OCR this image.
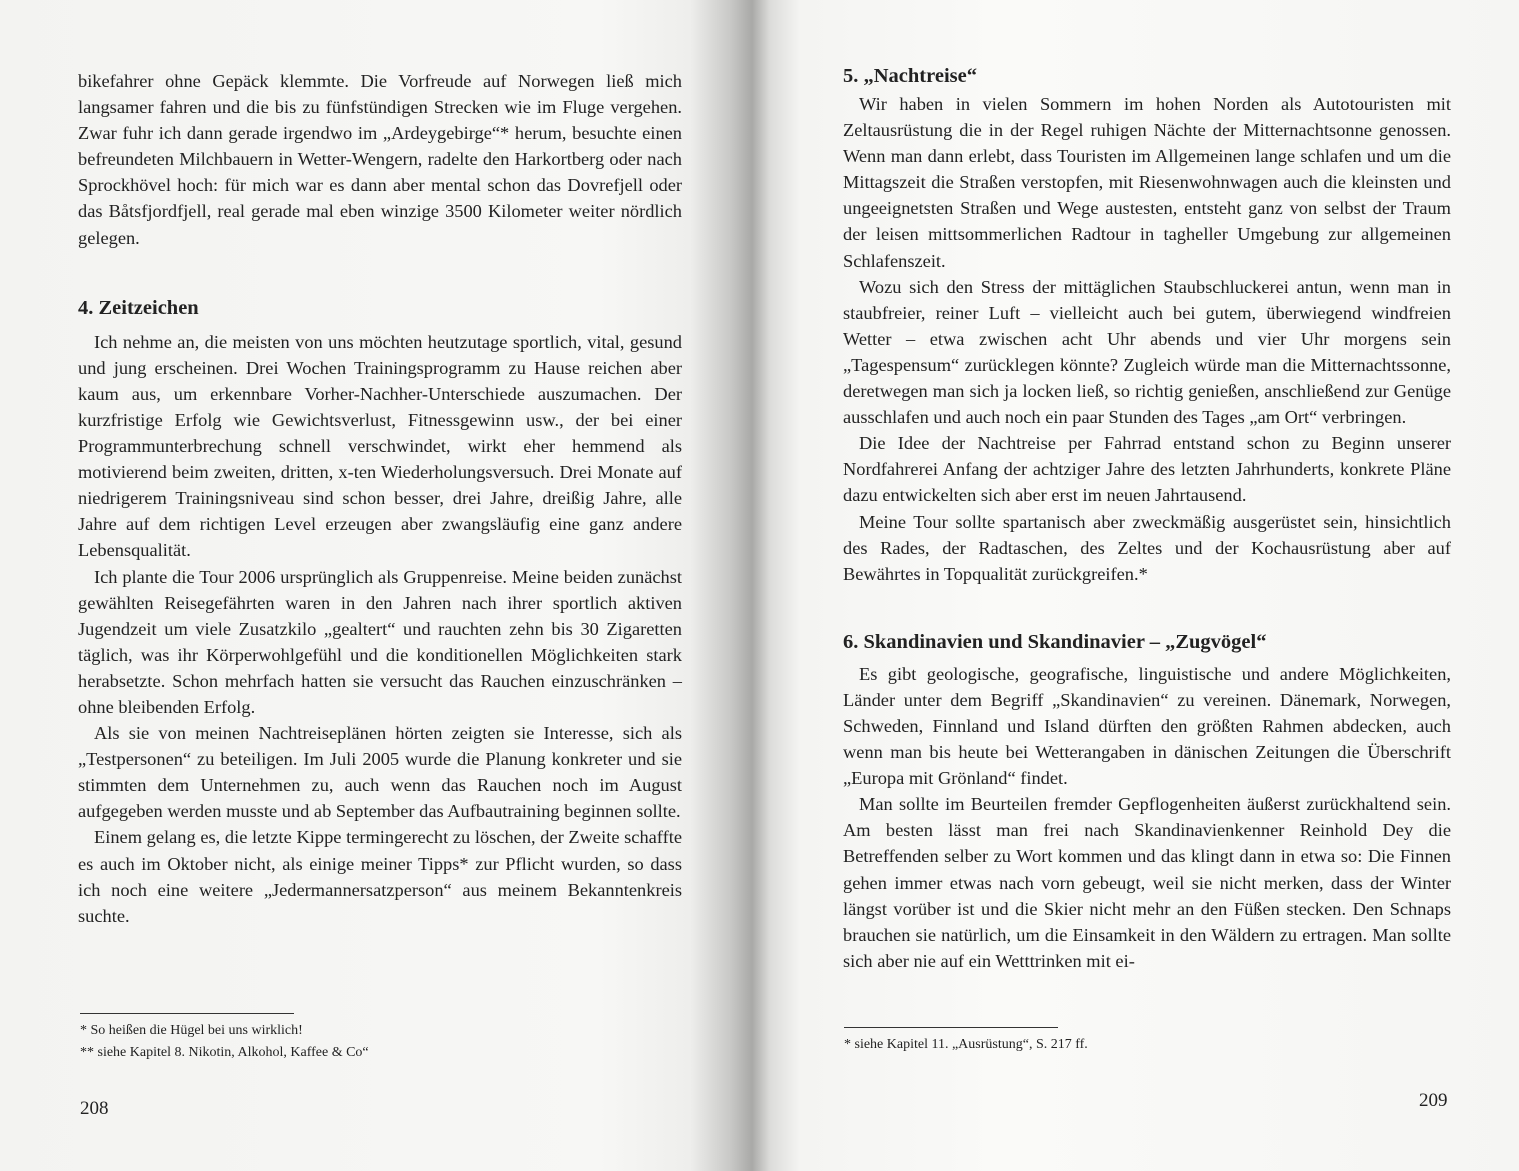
bikefahrer ohne Gepäck klemmte. Die Vorfreude auf Norwegen ließ mich langsamer fahren und die bis zu fünfstündigen Strecken wie im Fluge vergehen. Zwar fuhr ich dann gerade irgendwo im „Ardeygebirge“* herum, besuchte einen befreundeten Milchbauern in Wetter-Wengern, radelte den Harkortberg oder nach Sprockhövel hoch: für mich war es dann aber mental schon das Dovrefjell oder das Båtsfjordfjell, real gerade mal eben winzige 3500 Kilometer weiter nördlich gelegen.

4. Zeitzeichen

Ich nehme an, die meisten von uns möchten heutzutage sportlich, vital, gesund und jung erscheinen. Drei Wochen Trainingsprogramm zu Hause reichen aber kaum aus, um erkennbare Vorher-Nachher-Unterschiede auszumachen. Der kurzfristige Erfolg wie Gewichtsverlust, Fitnessgewinn usw., der bei einer Programmunterbrechung schnell verschwindet, wirkt eher hemmend als motivierend beim zweiten, dritten, x-ten Wiederholungsversuch. Drei Monate auf niedrigerem Trainingsniveau sind schon besser, drei Jahre, dreißig Jahre, alle Jahre auf dem richtigen Level erzeugen aber zwangsläufig eine ganz andere Lebensqualität.

Ich plante die Tour 2006 ursprünglich als Gruppenreise. Meine beiden zunächst gewählten Reisegefährten waren in den Jahren nach ihrer sportlich aktiven Jugendzeit um viele Zusatzkilo „gealtert“ und rauchten zehn bis 30 Zigaretten täglich, was ihr Körperwohlgefühl und die konditionellen Möglichkeiten stark herabsetzte. Schon mehrfach hatten sie versucht das Rauchen einzuschränken – ohne bleibenden Erfolg.

Als sie von meinen Nachtreiseplänen hörten zeigten sie Interesse, sich als „Testpersonen“ zu beteiligen. Im Juli 2005 wurde die Planung konkreter und sie stimmten dem Unternehmen zu, auch wenn das Rauchen noch im August aufgegeben werden musste und ab September das Aufbautraining beginnen sollte.

Einem gelang es, die letzte Kippe termingerecht zu löschen, der Zweite schaffte es auch im Oktober nicht, als einige meiner Tipps* zur Pflicht wurden, so dass ich noch eine weitere „Jedermannersatzperson“ aus meinem Bekanntenkreis suchte.

* So heißen die Hügel bei uns wirklich!
** siehe Kapitel 8. Nikotin, Alkohol, Kaffee & Co“
208
5. „Nachtreise“

Wir haben in vielen Sommern im hohen Norden als Autotouristen mit Zeltausrüstung die in der Regel ruhigen Nächte der Mitternachtsonne genossen. Wenn man dann erlebt, dass Touristen im Allgemeinen lange schlafen und um die Mittagszeit die Straßen verstopfen, mit Riesenwohnwagen auch die kleinsten und ungeeignetsten Straßen und Wege austesten, entsteht ganz von selbst der Traum der leisen mittsommerlichen Radtour in tagheller Umgebung zur allgemeinen Schlafenszeit.

Wozu sich den Stress der mittäglichen Staubschluckerei antun, wenn man in staubfreier, reiner Luft – vielleicht auch bei gutem, überwiegend windfreien Wetter – etwa zwischen acht Uhr abends und vier Uhr morgens sein „Tagespensum“ zurücklegen könnte? Zugleich würde man die Mitternachtssonne, deretwegen man sich ja locken ließ, so richtig genießen, anschließend zur Genüge ausschlafen und auch noch ein paar Stunden des Tages „am Ort“ verbringen.

Die Idee der Nachtreise per Fahrrad entstand schon zu Beginn unserer Nordfahrerei Anfang der achtziger Jahre des letzten Jahrhunderts, konkrete Pläne dazu entwickelten sich aber erst im neuen Jahrtausend.

Meine Tour sollte spartanisch aber zweckmäßig ausgerüstet sein, hinsichtlich des Rades, der Radtaschen, des Zeltes und der Kochausrüstung aber auf Bewährtes in Topqualität zurückgreifen.*

6. Skandinavien und Skandinavier – „Zugvögel“

Es gibt geologische, geografische, linguistische und andere Möglichkeiten, Länder unter dem Begriff „Skandinavien“ zu vereinen. Dänemark, Norwegen, Schweden, Finnland und Island dürften den größten Rahmen abdecken, auch wenn man bis heute bei Wetterangaben in dänischen Zeitungen die Überschrift „Europa mit Grönland“ findet.

Man sollte im Beurteilen fremder Gepflogenheiten äußerst zurückhaltend sein. Am besten lässt man frei nach Skandinavienkenner Reinhold Dey die Betreffenden selber zu Wort kommen und das klingt dann in etwa so: Die Finnen gehen immer etwas nach vorn gebeugt, weil sie nicht merken, dass der Winter längst vorüber ist und die Skier nicht mehr an den Füßen stecken. Den Schnaps brauchen sie natürlich, um die Einsamkeit in den Wäldern zu ertragen. Man sollte sich aber nie auf ein Wetttrinken mit ei-

* siehe Kapitel 11. „Ausrüstung“, S. 217 ff.
209
